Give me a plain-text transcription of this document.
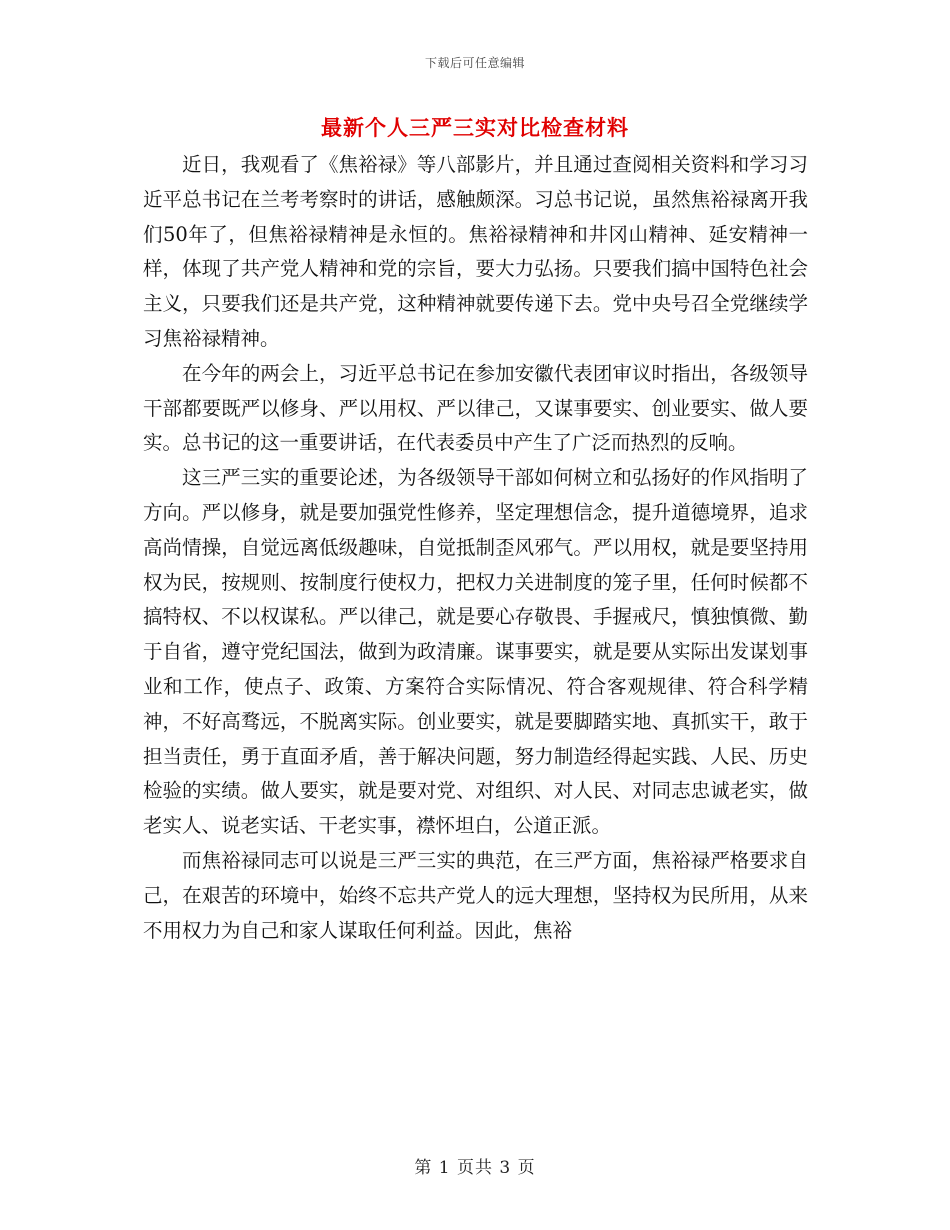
下载后可任意编辑
最新个人三严三实对比检查材料

近日，我观看了《焦裕禄》等八部影片，并且通过查阅相关资料和学习习近平总书记在兰考考察时的讲话，感触颇深。习总书记说，虽然焦裕禄离开我们50年了，但焦裕禄精神是永恒的。焦裕禄精神和井冈山精神、延安精神一样，体现了共产党人精神和党的宗旨，要大力弘扬。只要我们搞中国特色社会主义，只要我们还是共产党，这种精神就要传递下去。党中央号召全党继续学习焦裕禄精神。

在今年的两会上，习近平总书记在参加安徽代表团审议时指出，各级领导干部都要既严以修身、严以用权、严以律己，又谋事要实、创业要实、做人要实。总书记的这一重要讲话，在代表委员中产生了广泛而热烈的反响。

这三严三实的重要论述，为各级领导干部如何树立和弘扬好的作风指明了方向。严以修身，就是要加强党性修养，坚定理想信念，提升道德境界，追求高尚情操，自觉远离低级趣味，自觉抵制歪风邪气。严以用权，就是要坚持用权为民，按规则、按制度行使权力，把权力关进制度的笼子里，任何时候都不搞特权、不以权谋私。严以律己，就是要心存敬畏、手握戒尺，慎独慎微、勤于自省，遵守党纪国法，做到为政清廉。谋事要实，就是要从实际出发谋划事业和工作，使点子、政策、方案符合实际情况、符合客观规律、符合科学精神，不好高骛远，不脱离实际。创业要实，就是要脚踏实地、真抓实干，敢于担当责任，勇于直面矛盾，善于解决问题，努力制造经得起实践、人民、历史检验的实绩。做人要实，就是要对党、对组织、对人民、对同志忠诚老实，做老实人、说老实话、干老实事，襟怀坦白，公道正派。

而焦裕禄同志可以说是三严三实的典范，在三严方面，焦裕禄严格要求自己，在艰苦的环境中，始终不忘共产党人的远大理想，坚持权为民所用，从来不用权力为自己和家人谋取任何利益。因此，焦裕

第 1 页共 3 页
